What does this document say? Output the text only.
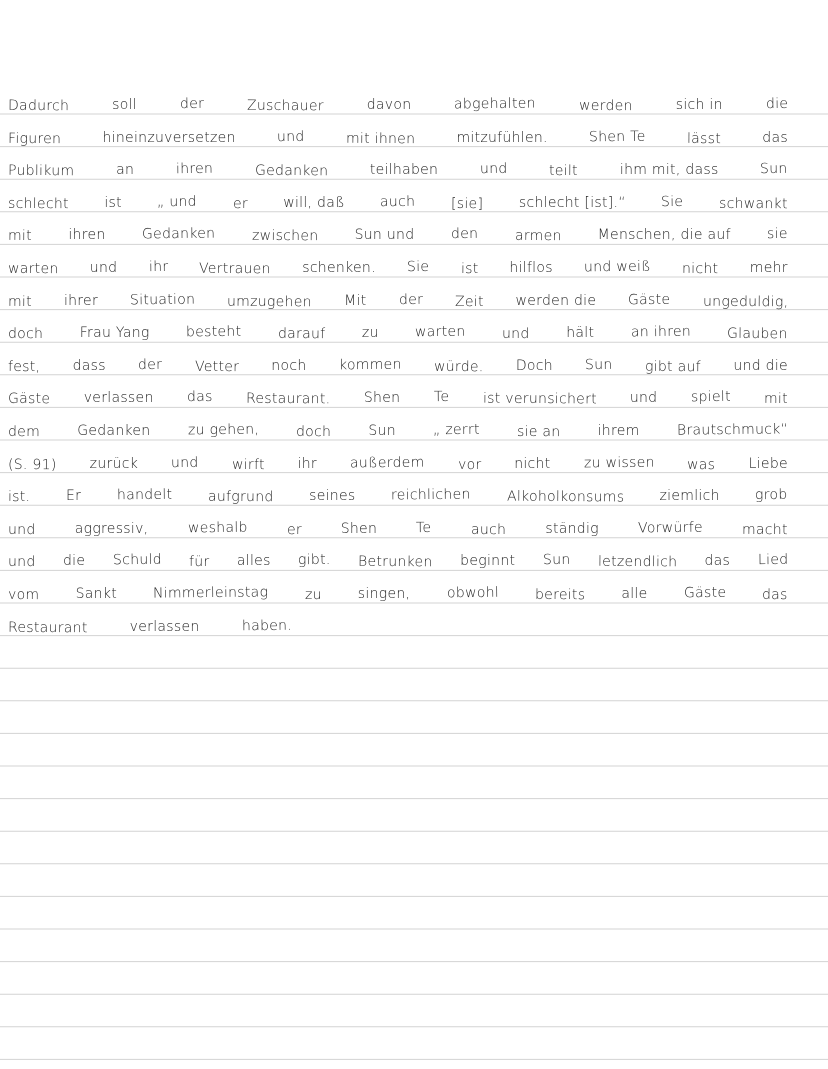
Dadurch	soll	der	Zuschauer	davon	abgehalten	werden	sich in	die
Figuren	hineinzuversetzen	und	mit ihnen	mitzufühlen.	Shen Te	lässt	das
Publikum	an	ihren	Gedanken	teilhaben	und	teilt	ihm mit, dass	Sun
schlecht	ist	„ und	er	will, daß	auch	[sie]	schlecht [ist].“	Sie	schwankt
mit	ihren	Gedanken	zwischen	Sun und	den	armen	Menschen, die auf	sie
warten und ihr Vertrauen schenken. Sie ist hilflos und weiß nicht mehr
mit ihrer Situation umzugehen Mit der Zeit werden die Gäste ungeduldig,
doch	Frau Yang	besteht	darauf	zu	warten	und	hält	an ihren	Glauben
fest, dass der Vetter noch kommen würde. Doch Sun gibt auf und die
Gäste verlassen das Restaurant. Shen Te ist verunsichert und spielt mit
dem	Gedanken	zu gehen,	doch	Sun	„ zerrt	sie an	ihrem	Brautschmuck“
(S. 91) zurück und wirft ihr außerdem vor nicht zu wissen was Liebe
ist.	Er	handelt	aufgrund	seines	reichlichen	Alkoholkonsums	ziemlich	grob
und	aggressiv,	weshalb	er	Shen	Te	auch	ständig	Vorwürfe	macht
und die Schuld für alles gibt. Betrunken beginnt Sun letzendlich das Lied
vom	Sankt	Nimmerleinstag	zu	singen,	obwohl	bereits	alle	Gäste	das
Restaurant	verlassen	haben.
